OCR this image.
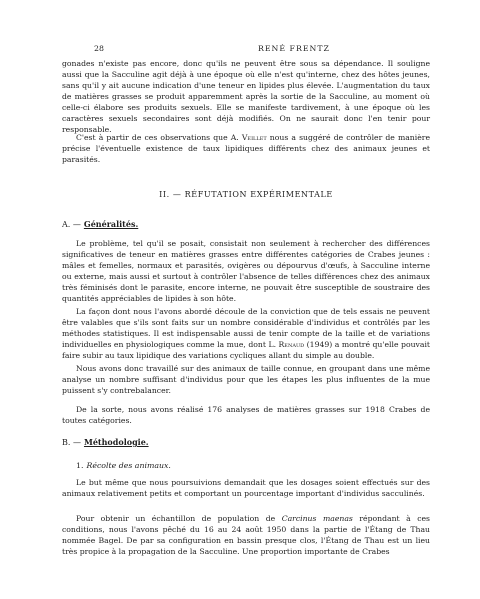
28	RENÉ FRENTZ

gonades n'existe pas encore, donc qu'ils ne peuvent être sous sa dépendance. Il souligne aussi que la Sacculine agit déjà à une époque où elle n'est qu'interne, chez des hôtes jeunes, sans qu'il y ait aucune indication d'une teneur en lipides plus élevée. L'augmentation du taux de matières grasses se produit apparemment après la sortie de la Sacculine, au moment où celle-ci élabore ses produits sexuels. Elle se manifeste tardivement, à une époque où les caractères sexuels secondaires sont déjà modifiés. On ne saurait donc l'en tenir pour responsable.

C'est à partir de ces observations que A. Veillet nous a suggéré de contrôler de manière précise l'éventuelle existence de taux lipidiques différents chez des animaux jeunes et parasités.

II. — RÉFUTATION EXPÉRIMENTALE

A. — Généralités.

Le problème, tel qu'il se posait, consistait non seulement à rechercher des différences significatives de teneur en matières grasses entre différentes catégories de Crabes jeunes : mâles et femelles, normaux et parasités, ovigères ou dépourvus d'œufs, à Sacculine interne ou externe, mais aussi et surtout à contrôler l'absence de telles différences chez des animaux très féminisés dont le parasite, encore interne, ne pouvait être susceptible de soustraire des quantités appréciables de lipides à son hôte.

La façon dont nous l'avons abordé découle de la conviction que de tels essais ne peuvent être valables que s'ils sont faits sur un nombre considérable d'individus et contrôlés par les méthodes statistiques. Il est indispensable aussi de tenir compte de la taille et de variations individuelles en physiologiques comme la mue, dont L. Renaud (1949) a montré qu'elle pouvait faire subir au taux lipidique des variations cycliques allant du simple au double.

Nous avons donc travaillé sur des animaux de taille connue, en groupant dans une même analyse un nombre suffisant d'individus pour que les étapes les plus influentes de la mue puissent s'y contrebalancer.

De la sorte, nous avons réalisé 176 analyses de matières grasses sur 1918 Crabes de toutes catégories.

B. — Méthodologie.

1. Récolte des animaux.

Le but même que nous poursuivions demandait que les dosages soient effectués sur des animaux relativement petits et comportant un pourcentage important d'individus sacculinés.

Pour obtenir un échantillon de population de Carcinus maenas répondant à ces conditions, nous l'avons pêché du 16 au 24 août 1950 dans la partie de l'Étang de Thau nommée Bagel. De par sa configuration en bassin presque clos, l'Étang de Thau est un lieu très propice à la propagation de la Sacculine. Une proportion importante de Crabes
